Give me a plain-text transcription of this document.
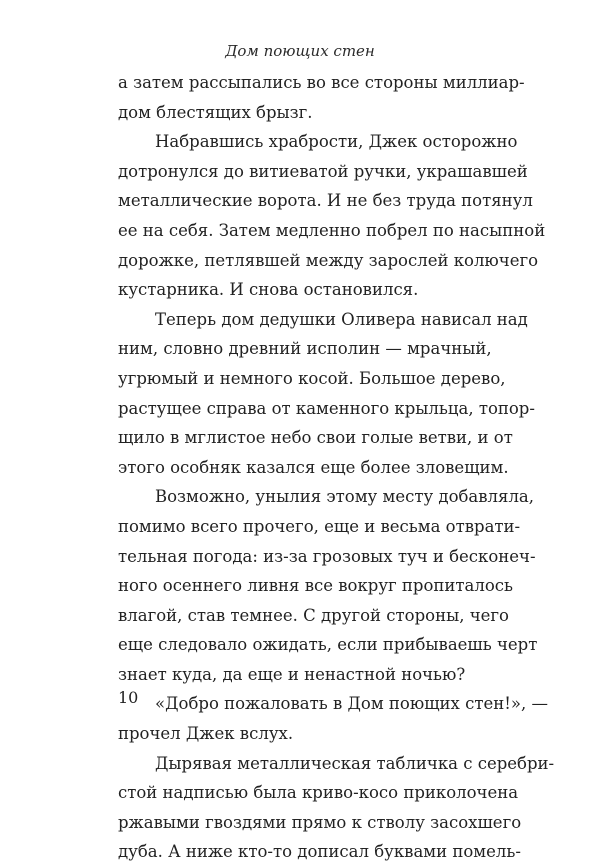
Дом поющих стен
а затем рассыпались во все стороны миллиар-
дом блестящих брызг.
Набравшись храбрости, Джек осторожно
дотронулся до витиеватой ручки, украшавшей
металлические ворота. И не без труда потянул
ее на себя. Затем медленно побрел по насыпной
дорожке, петлявшей между зарослей колючего
кустарника. И снова остановился.
Теперь дом дедушки Оливера нависал над
ним, словно древний исполин — мрачный,
угрюмый и немного косой. Большое дерево,
растущее справа от каменного крыльца, топор-
щило в мглистое небо свои голые ветви, и от
этого особняк казался еще более зловещим.
Возможно, унылия этому месту добавляла,
помимо всего прочего, еще и весьма отврати-
тельная погода: из-за грозовых туч и бесконеч-
ного осеннего ливня все вокруг пропиталось
влагой, став темнее. С другой стороны, чего
еще следовало ожидать, если прибываешь черт
знает куда, да еще и ненастной ночью?
«Добро пожаловать в Дом поющих стен!», —
прочел Джек вслух.
Дырявая металлическая табличка с серебри-
стой надписью была криво-косо приколочена
ржавыми гвоздями прямо к стволу засохшего
дуба. А ниже кто-то дописал буквами помель-
10
